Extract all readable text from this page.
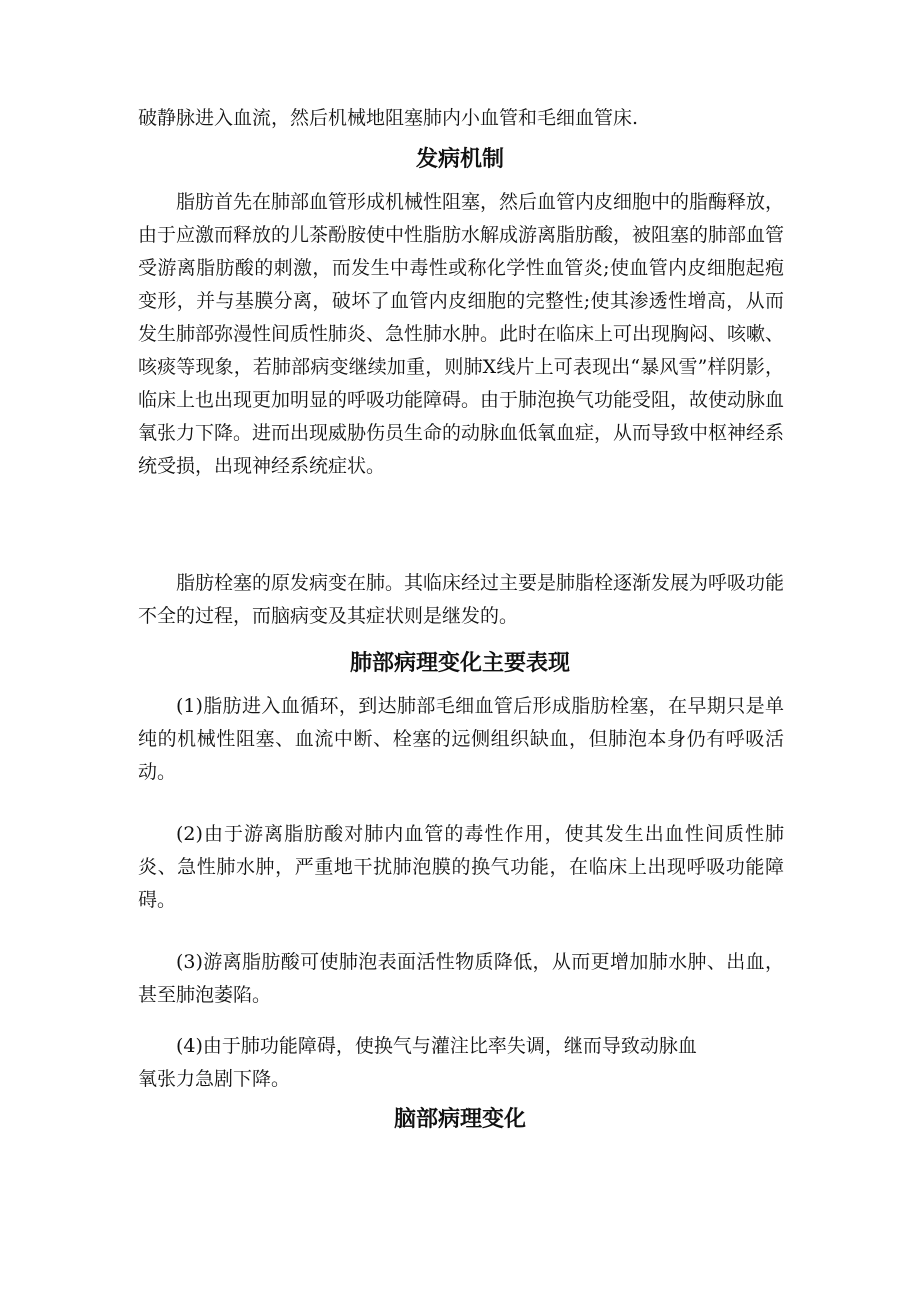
破静脉进入血流，然后机械地阻塞肺内小血管和毛细血管床.

发病机制

脂肪首先在肺部血管形成机械性阻塞，然后血管内皮细胞中的脂酶释放，由于应激而释放的儿茶酚胺使中性脂肪水解成游离脂肪酸，被阻塞的肺部血管受游离脂肪酸的刺激，而发生中毒性或称化学性血管炎;使血管内皮细胞起疱变形，并与基膜分离，破坏了血管内皮细胞的完整性;使其渗透性增高，从而发生肺部弥漫性间质性肺炎、急性肺水肿。此时在临床上可出现胸闷、咳嗽、咳痰等现象，若肺部病变继续加重，则肺X线片上可表现出“暴风雪”样阴影，临床上也出现更加明显的呼吸功能障碍。由于肺泡换气功能受阻，故使动脉血氧张力下降。进而出现威胁伤员生命的动脉血低氧血症，从而导致中枢神经系统受损，出现神经系统症状。

脂肪栓塞的原发病变在肺。其临床经过主要是肺脂栓逐渐发展为呼吸功能不全的过程，而脑病变及其症状则是继发的。

肺部病理变化主要表现

(1)脂肪进入血循环，到达肺部毛细血管后形成脂肪栓塞，在早期只是单纯的机械性阻塞、血流中断、栓塞的远侧组织缺血，但肺泡本身仍有呼吸活动。

(2)由于游离脂肪酸对肺内血管的毒性作用，使其发生出血性间质性肺炎、急性肺水肿，严重地干扰肺泡膜的换气功能，在临床上出现呼吸功能障碍。

(3)游离脂肪酸可使肺泡表面活性物质降低，从而更增加肺水肿、出血，甚至肺泡萎陷。

(4)由于肺功能障碍，使换气与灌注比率失调，继而导致动脉血

氧张力急剧下降。

脑部病理变化
